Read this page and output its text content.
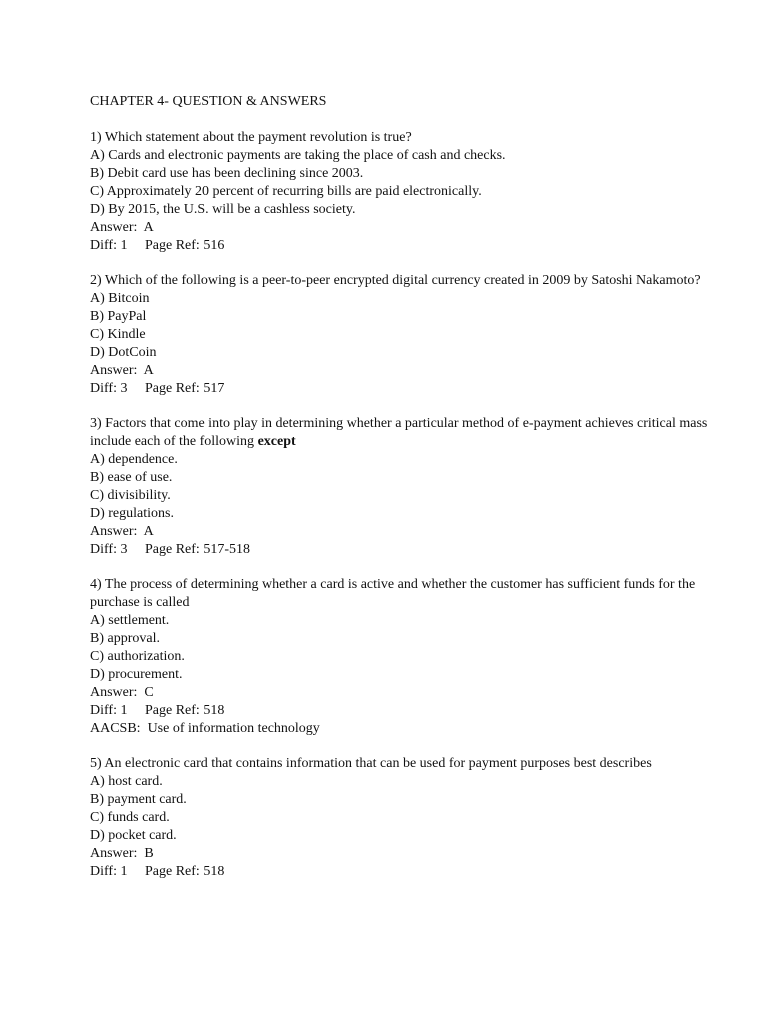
CHAPTER 4- QUESTION & ANSWERS
1) Which statement about the payment revolution is true?
A) Cards and electronic payments are taking the place of cash and checks.
B) Debit card use has been declining since 2003.
C) Approximately 20 percent of recurring bills are paid electronically.
D) By 2015, the U.S. will be a cashless society.
Answer:  A
Diff: 1 Page Ref: 516
2) Which of the following is a peer-to-peer encrypted digital currency created in 2009 by Satoshi Nakamoto?
A) Bitcoin
B) PayPal
C) Kindle
D) DotCoin
Answer:  A
Diff: 3 Page Ref: 517
3) Factors that come into play in determining whether a particular method of e-payment achieves critical mass include each of the following except
A) dependence.
B) ease of use.
C) divisibility.
D) regulations.
Answer:  A
Diff: 3 Page Ref: 517-518
4) The process of determining whether a card is active and whether the customer has sufficient funds for the purchase is called
A) settlement.
B) approval.
C) authorization.
D) procurement.
Answer:  C
Diff: 1 Page Ref: 518
AACSB:  Use of information technology
5) An electronic card that contains information that can be used for payment purposes best describes
A) host card.
B) payment card.
C) funds card.
D) pocket card.
Answer:  B
Diff: 1 Page Ref: 518
